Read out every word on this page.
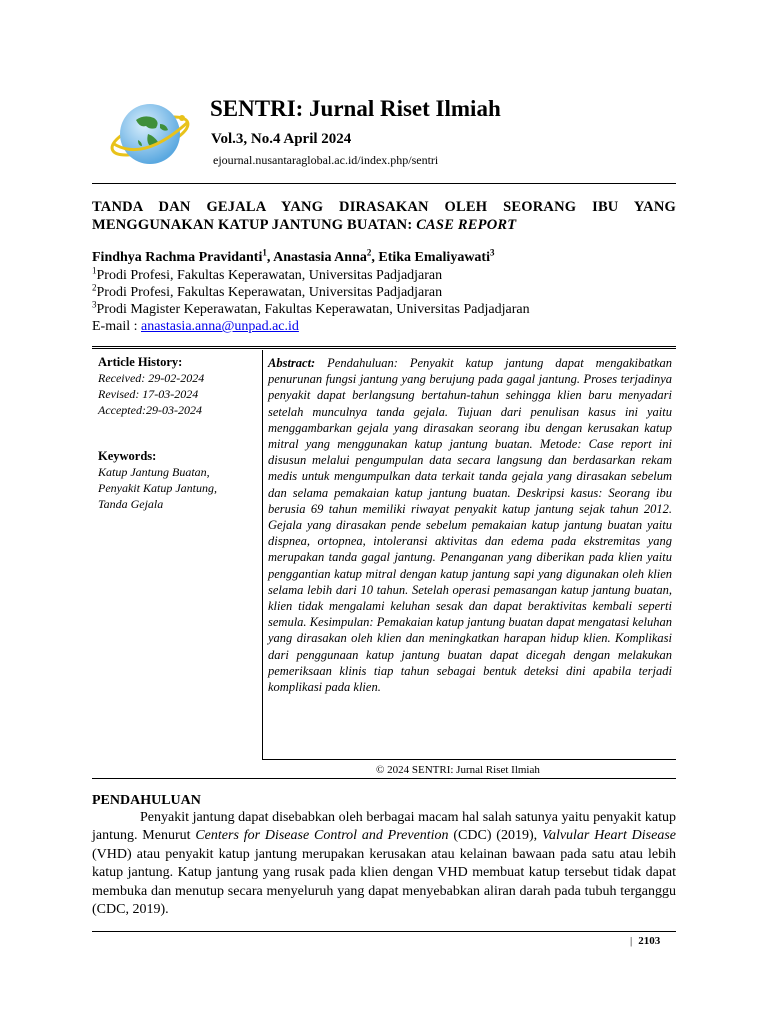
SENTRI: Jurnal Riset Ilmiah
Vol.3, No.4 April 2024
ejournal.nusantaraglobal.ac.id/index.php/sentri
TANDA DAN GEJALA YANG DIRASAKAN OLEH SEORANG IBU YANG
MENGGUNAKAN KATUP JANTUNG BUATAN: CASE REPORT
Findhya Rachma Pravidanti$^1$, Anastasia Anna$^2$, Etika Emaliyawati$^3$
$^1$Prodi Profesi, Fakultas Keperawatan, Universitas Padjadjaran
$^2$Prodi Profesi, Fakultas Keperawatan, Universitas Padjadjaran
$^3$Prodi Magister Keperawatan, Fakultas Keperawatan, Universitas Padjadjaran
E-mail : anastasia.anna@unpad.ac.id
Article History:
Received: 29-02-2024
Revised: 17-03-2024
Accepted:29-03-2024
Keywords:
Katup Jantung Buatan,
Penyakit Katup Jantung,
Tanda Gejala
Abstract: Pendahuluan: Penyakit katup jantung dapat mengakibatkan penurunan fungsi jantung yang berujung pada gagal jantung. Proses terjadinya penyakit dapat berlangsung bertahun-tahun sehingga klien baru menyadari setelah munculnya tanda gejala. Tujuan dari penulisan kasus ini yaitu menggambarkan gejala yang dirasakan seorang ibu dengan kerusakan katup mitral yang menggunakan katup jantung buatan. Metode: Case report ini disusun melalui pengumpulan data secara langsung dan berdasarkan rekam medis untuk mengumpulkan data terkait tanda gejala yang dirasakan sebelum dan selama pemakaian katup jantung buatan. Deskripsi kasus: Seorang ibu berusia 69 tahun memiliki riwayat penyakit katup jantung sejak tahun 2012. Gejala yang dirasakan pende sebelum pemakaian katup jantung buatan yaitu dispnea, ortopnea, intoleransi aktivitas dan edema pada ekstremitas yang merupakan tanda gagal jantung. Penanganan yang diberikan pada klien yaitu penggantian katup mitral dengan katup jantung sapi yang digunakan oleh klien selama lebih dari 10 tahun. Setelah operasi pemasangan katup jantung buatan, klien tidak mengalami keluhan sesak dan dapat beraktivitas kembali seperti semula. Kesimpulan: Pemakaian katup jantung buatan dapat mengatasi keluhan yang dirasakan oleh klien dan meningkatkan harapan hidup klien. Komplikasi dari penggunaan katup jantung buatan dapat dicegah dengan melakukan pemeriksaan klinis tiap tahun sebagai bentuk deteksi dini apabila terjadi komplikasi pada klien.
© 2024 SENTRI: Jurnal Riset Ilmiah
PENDAHULUAN
Penyakit jantung dapat disebabkan oleh berbagai macam hal salah satunya yaitu penyakit katup jantung. Menurut Centers for Disease Control and Prevention (CDC) (2019), Valvular Heart Disease (VHD) atau penyakit katup jantung merupakan kerusakan atau kelainan bawaan pada satu atau lebih katup jantung. Katup jantung yang rusak pada klien dengan VHD membuat katup tersebut tidak dapat membuka dan menutup secara menyeluruh yang dapat menyebabkan aliran darah pada tubuh terganggu (CDC, 2019).
| 2103
